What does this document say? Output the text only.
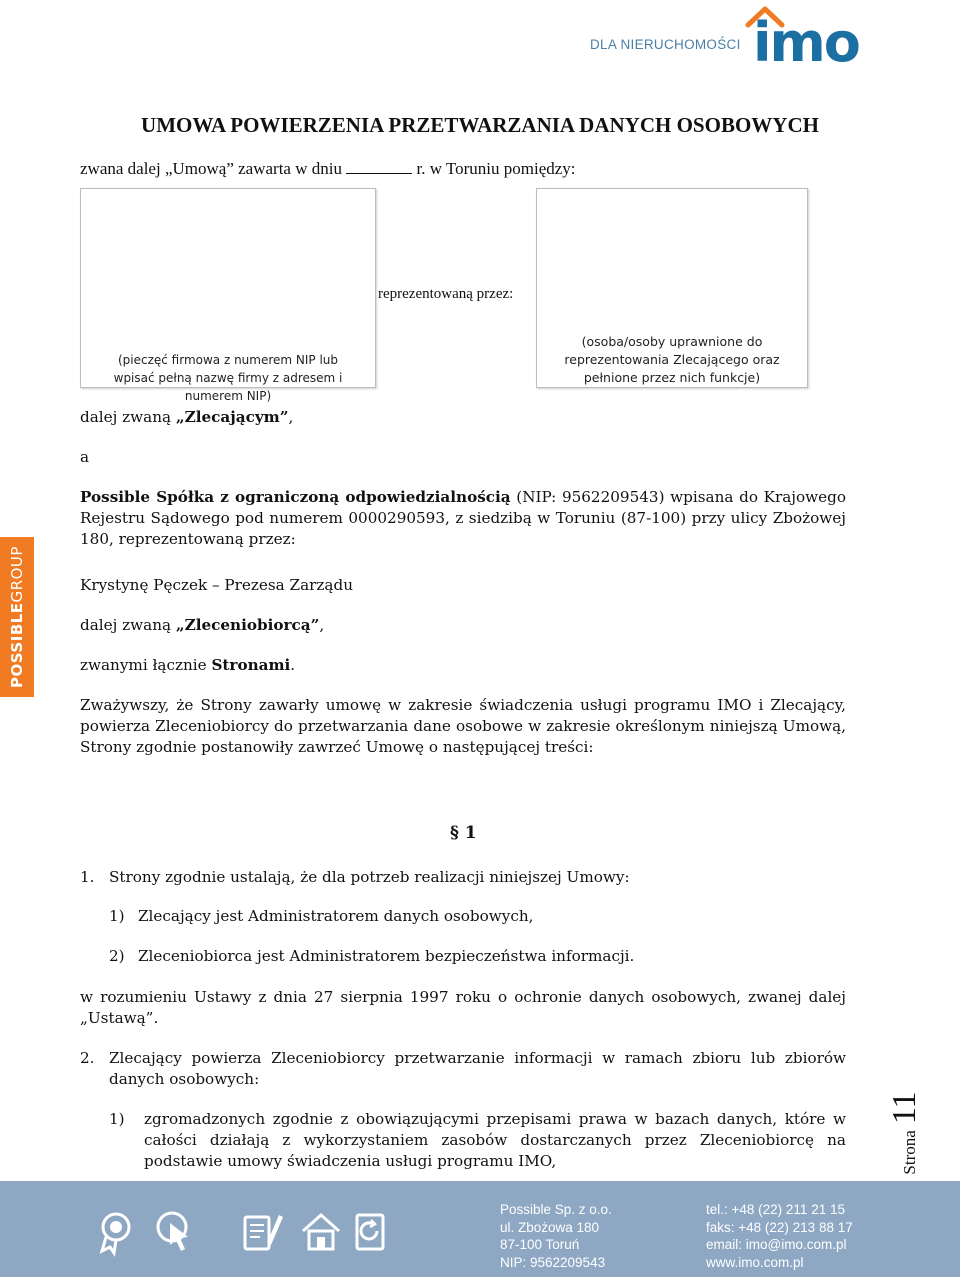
DLA NIERUCHOMOŚCI imo
UMOWA POWIERZENIA PRZETWARZANIA DANYCH OSOBOWYCH
zwana dalej „Umową” zawarta w dniu	r. w Toruniu pomiędzy:
(pieczęć firmowa z numerem NIP lub wpisać pełną nazwę firmy z adresem i numerem NIP)
reprezentowaną przez:
(osoba/osoby uprawnione do reprezentowania Zlecającego oraz pełnione przez nich funkcje)
dalej zwaną „Zlecającym”,
a
Possible Spółka z ograniczoną odpowiedzialnością (NIP: 9562209543) wpisana do Krajowego Rejestru Sądowego pod numerem 0000290593, z siedzibą w Toruniu (87-100) przy ulicy Zbożowej 180, reprezentowaną przez:
Krystynę Pęczek – Prezesa Zarządu
dalej zwaną „Zleceniobiorcą”,
zwanymi łącznie Stronami.
Zważywszy, że Strony zawarły umowę w zakresie świadczenia usługi programu IMO i Zlecający, powierza Zleceniobiorcy do przetwarzania dane osobowe w zakresie określonym niniejszą Umową, Strony zgodnie postanowiły zawrzeć Umowę o następującej treści:
§ 1
1. Strony zgodnie ustalają, że dla potrzeb realizacji niniejszej Umowy:
1) Zlecający jest Administratorem danych osobowych,
2) Zleceniobiorca jest Administratorem bezpieczeństwa informacji.
w rozumieniu Ustawy z dnia 27 sierpnia 1997 roku o ochronie danych osobowych, zwanej dalej „Ustawą”.
2. Zlecający powierza Zleceniobiorcy przetwarzanie informacji w ramach zbioru lub zbiorów danych osobowych:
1) zgromadzonych zgodnie z obowiązującymi przepisami prawa w bazach danych, które w całości działają z wykorzystaniem zasobów dostarczanych przez Zleceniobiorcę na podstawie umowy świadczenia usługi programu IMO,
POSSIBLEGROUP
Strona11
Possible Sp. z o.o.
ul. Zbożowa 180
87-100 Toruń
NIP: 9562209543
tel.: +48 (22) 211 21 15
faks: +48 (22) 213 88 17
email: imo@imo.com.pl
www.imo.com.pl
